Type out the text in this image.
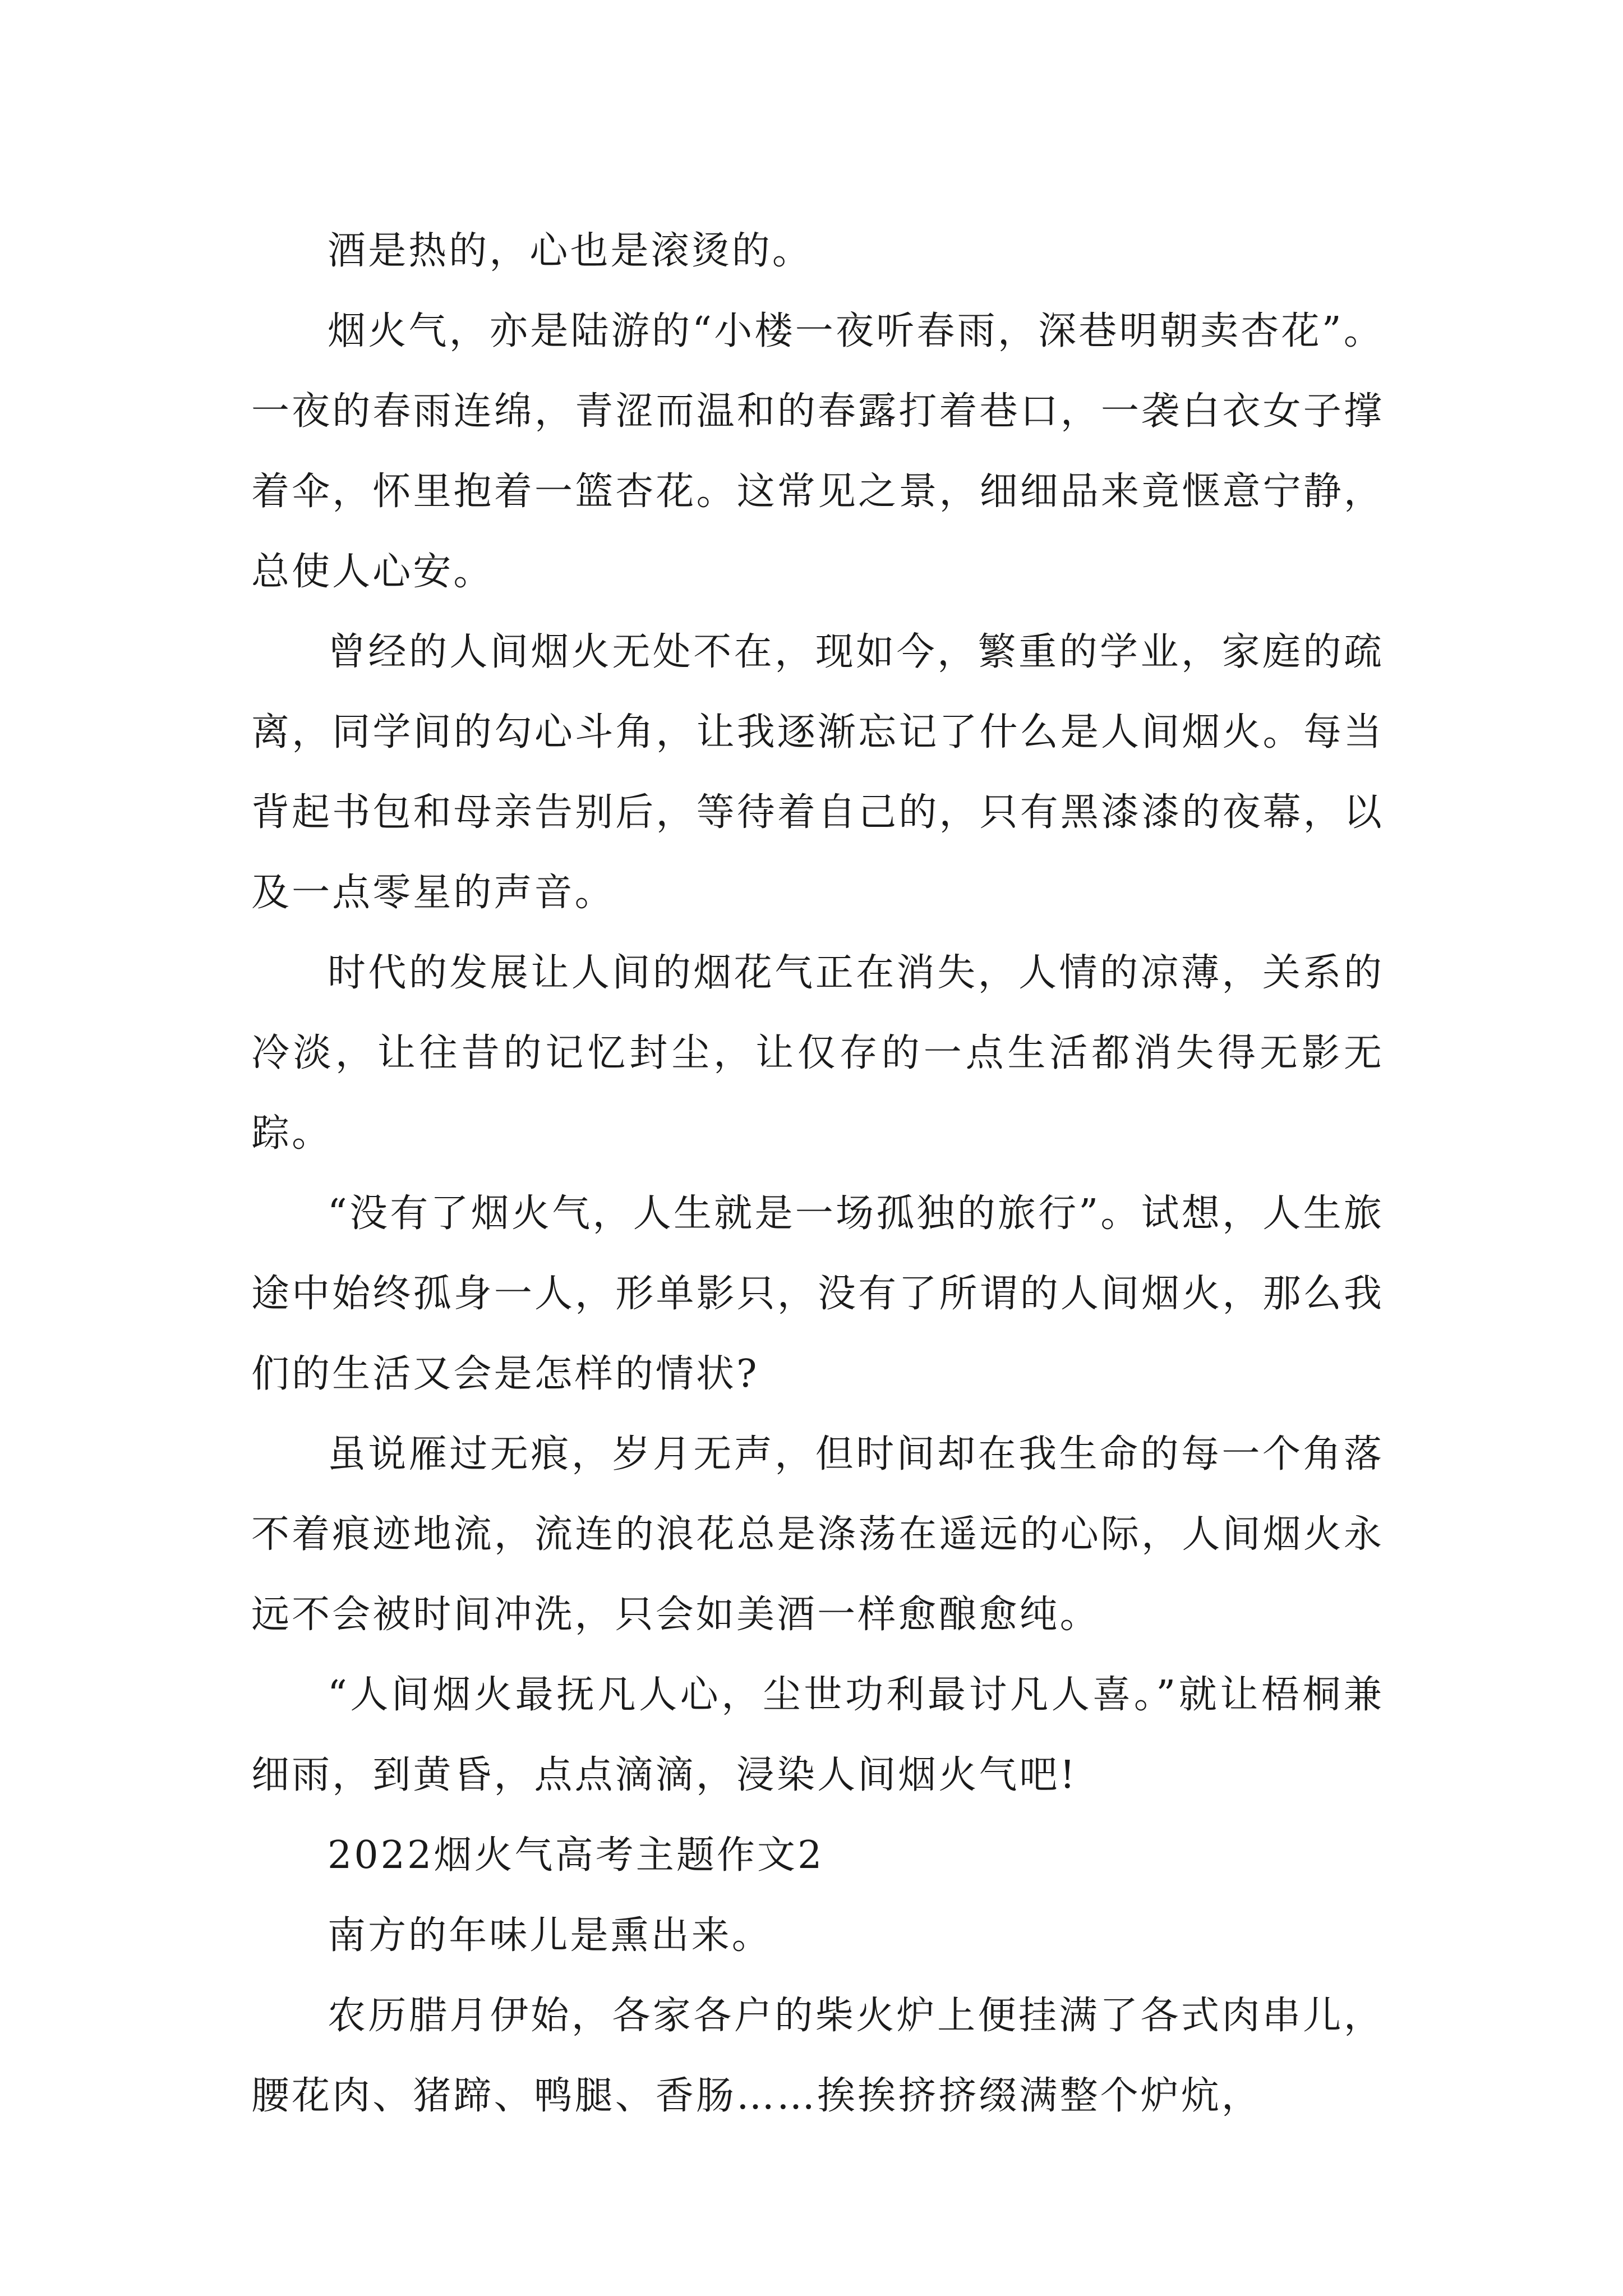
酒是热的，心也是滚烫的。

烟火气，亦是陆游的“小楼一夜听春雨，深巷明朝卖杏花”。一夜的春雨连绵，青涩而温和的春露打着巷口，一袭白衣女子撑着伞，怀里抱着一篮杏花。这常见之景，细细品来竟惬意宁静，总使人心安。

曾经的人间烟火无处不在，现如今，繁重的学业，家庭的疏离，同学间的勾心斗角，让我逐渐忘记了什么是人间烟火。每当背起书包和母亲告别后，等待着自己的，只有黑漆漆的夜幕，以及一点零星的声音。

时代的发展让人间的烟花气正在消失，人情的凉薄，关系的冷淡，让往昔的记忆封尘，让仅存的一点生活都消失得无影无踪。

“没有了烟火气，人生就是一场孤独的旅行”。试想，人生旅途中始终孤身一人，形单影只，没有了所谓的人间烟火，那么我们的生活又会是怎样的情状?

虽说雁过无痕，岁月无声，但时间却在我生命的每一个角落不着痕迹地流，流连的浪花总是涤荡在遥远的心际，人间烟火永远不会被时间冲洗，只会如美酒一样愈酿愈纯。

“人间烟火最抚凡人心，尘世功利最讨凡人喜。”就让梧桐兼细雨，到黄昏，点点滴滴，浸染人间烟火气吧!

2022烟火气高考主题作文2

南方的年味儿是熏出来。

农历腊月伊始，各家各户的柴火炉上便挂满了各式肉串儿，腰花肉、猪蹄、鸭腿、香肠……挨挨挤挤缀满整个炉炕，
